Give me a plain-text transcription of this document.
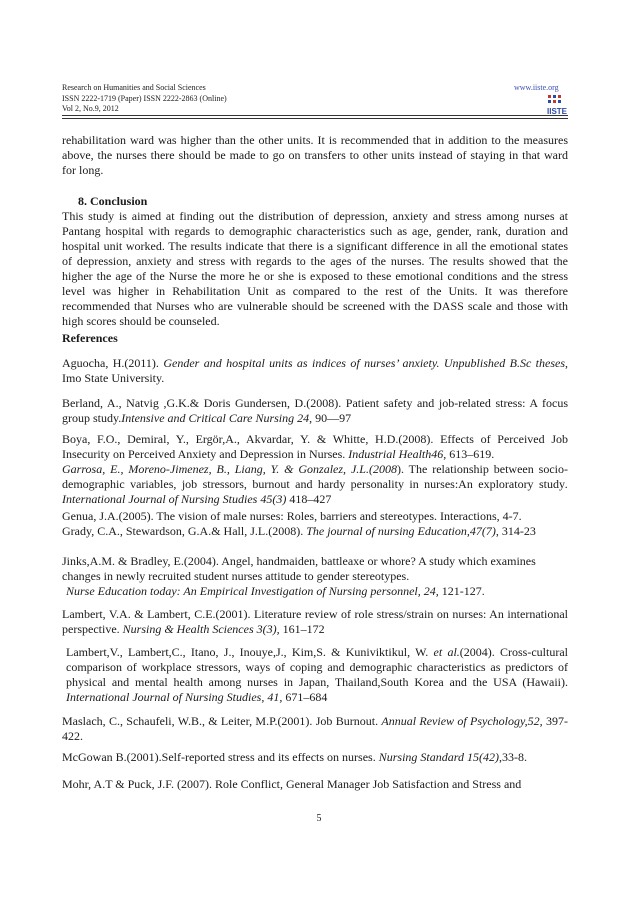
Research on Humanities and Social Sciences
ISSN 2222-1719 (Paper) ISSN 2222-2863 (Online)
Vol 2, No.9, 2012
www.iiste.org
IISTE

rehabilitation ward was higher than the other units. It is recommended that in addition to the measures above, the nurses there should be made to go on transfers to other units instead of staying in that ward for long.

8. Conclusion

This study is aimed at finding out the distribution of depression, anxiety and stress among nurses at Pantang hospital with regards to demographic characteristics such as age, gender, rank, duration and hospital unit worked. The results indicate that there is a significant difference in all the emotional states of depression, anxiety and stress with regards to the ages of the nurses. The results showed that the higher the age of the Nurse the more he or she is exposed to these emotional conditions and the stress level was higher in Rehabilitation Unit as compared to the rest of the Units. It was therefore recommended that Nurses who are vulnerable should be screened with the DASS scale and those with high scores should be counseled.

References

Aguocha, H.(2011). Gender and hospital units as indices of nurses’ anxiety. Unpublished B.Sc theses, Imo State University.

Berland, A., Natvig ,G.K.& Doris Gundersen, D.(2008). Patient safety and job-related stress: A focus group study.Intensive and Critical Care Nursing 24, 90—97

Boya, F.O., Demiral, Y., Ergör,A., Akvardar, Y. & Whitte, H.D.(2008). Effects of Perceived Job Insecurity on Perceived Anxiety and Depression in Nurses. Industrial Health46, 613–619.

Garrosa, E., Moreno-Jimenez, B., Liang, Y. & Gonzalez, J.L.(2008). The relationship between socio-demographic variables, job stressors, burnout and hardy personality in nurses:An exploratory study. International Journal of Nursing Studies 45(3) 418–427

Genua, J.A.(2005). The vision of male nurses: Roles, barriers and stereotypes. Interactions, 4-7.

Grady, C.A., Stewardson, G.A.& Hall, J.L.(2008). The journal of nursing Education,47(7), 314-23

Jinks,A.M. & Bradley, E.(2004). Angel, handmaiden, battleaxe or whore? A study which examines changes in newly recruited student nurses attitude to gender stereotypes.
Nurse Education today: An Empirical Investigation of Nursing personnel, 24, 121-127.

Lambert, V.A. & Lambert, C.E.(2001). Literature review of role stress/strain on nurses: An international perspective. Nursing & Health Sciences 3(3), 161–172

Lambert,V., Lambert,C., Itano, J., Inouye,J., Kim,S. & Kuniviktikul, W. et al.(2004). Cross-cultural comparison of workplace stressors, ways of coping and demographic characteristics as predictors of physical and mental health among nurses in Japan, Thailand,South Korea and the USA (Hawaii). International Journal of Nursing Studies, 41, 671–684

Maslach, C., Schaufeli, W.B., & Leiter, M.P.(2001). Job Burnout. Annual Review of Psychology,52, 397-422.

McGowan B.(2001).Self-reported stress and its effects on nurses. Nursing Standard 15(42),33-8.

Mohr, A.T & Puck, J.F. (2007). Role Conflict, General Manager Job Satisfaction and Stress and

5
